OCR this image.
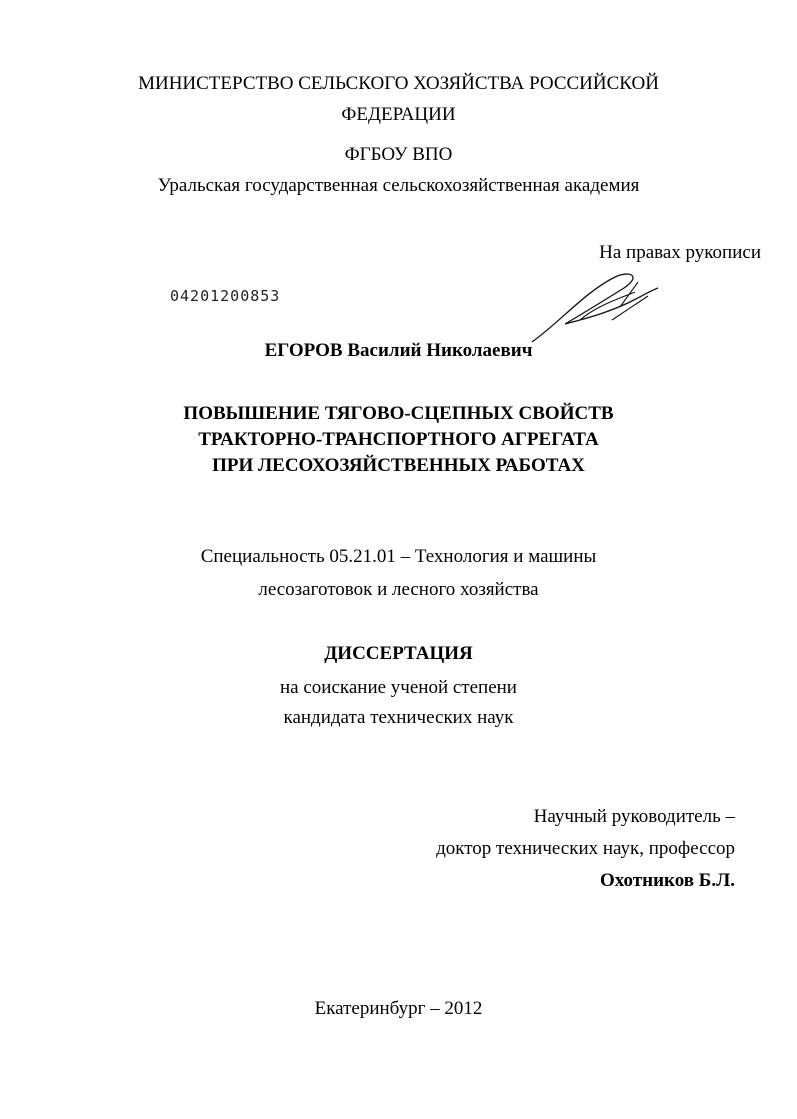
МИНИСТЕРСТВО СЕЛЬСКОГО ХОЗЯЙСТВА РОССИЙСКОЙ
ФЕДЕРАЦИИ
ФГБОУ ВПО
Уральская государственная сельскохозяйственная академия
На правах рукописи
04201200853
ЕГОРОВ Василий Николаевич
ПОВЫШЕНИЕ ТЯГОВО-СЦЕПНЫХ СВОЙСТВ
ТРАКТОРНО-ТРАНСПОРТНОГО АГРЕГАТА
ПРИ ЛЕСОХОЗЯЙСТВЕННЫХ РАБОТАХ
Специальность 05.21.01 – Технология и машины
лесозаготовок и лесного хозяйства
ДИССЕРТАЦИЯ
на соискание ученой степени
кандидата технических наук
Научный руководитель –
доктор технических наук, профессор
Охотников Б.Л.
Екатеринбург – 2012
